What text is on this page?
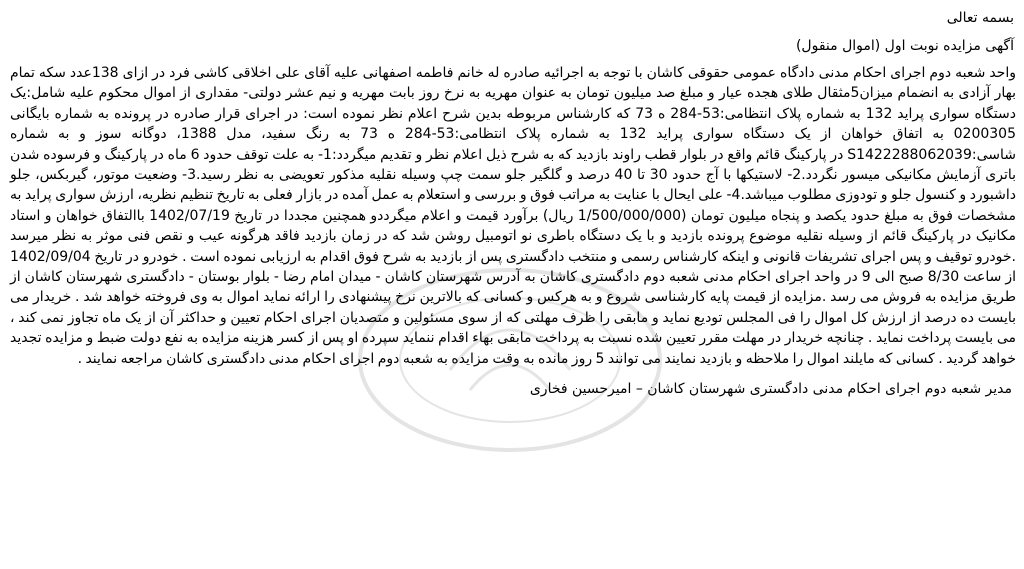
بسمه تعالی

آگهی مزایده نوبت اول (اموال منقول)

واحد شعبه دوم اجرای احکام مدنی دادگاه عمومی حقوقی کاشان با توجه به اجرائیه صادره له خانم فاطمه اصفهانی علیه آقای علی اخلاقی کاشی فرد در ازای 138عدد سکه تمام بهار آزادی به انضمام میزان5مثقال طلای هجده عیار و مبلغ صد میلیون تومان به عنوان مهریه به نرخ روز بابت مهریه و نیم عشر دولتی- مقداری از اموال محکوم علیه شامل:یک دستگاه سواری پراید 132 به شماره پلاک انتظامی:53-284 ه 73 که کارشناس مربوطه بدین شرح اعلام نظر نموده است: در اجرای قرار صادره در پرونده به شماره بایگانی 0200305 به اتفاق خواهان از یک دستگاه سواری پراید 132 به شماره پلاک انتظامی:53-284 ه 73 به رنگ سفید، مدل 1388، دوگانه سوز و به شماره شاسی:S1422288062039 در پارکینگ قائم واقع در بلوار قطب راوند بازدید که به شرح ذیل اعلام نظر و تقدیم میگردد:1- به علت توقف حدود 6 ماه در پارکینگ و فرسوده شدن باتری آزمایش مکانیکی میسور نگردد.2- لاستیکها با آج حدود 30 تا 40 درصد و گلگیر جلو سمت چپ وسیله نقلیه مذکور تعویضی به نظر رسید.3- وضعیت موتور، گیربکس، جلو داشبورد و کنسول جلو و تودوزی مطلوب میباشد.4- علی ایحال با عنایت به مراتب فوق و بررسی و استعلام به عمل آمده در بازار فعلی به تاریخ تنظیم نظریه، ارزش سواری پراید به مشخصات فوق به مبلغ حدود یکصد و پنجاه میلیون تومان (1/500/000/000 ریال) برآورد قیمت و اعلام میگرددو همچنین مجددا در تاریخ 1402/07/19 باالتفاق خواهان و استاد مکانیک در پارکینگ قائم از وسیله نقلیه موضوع پرونده بازدید و با یک دستگاه باطری نو اتومبیل روشن شد که در زمان بازدید فاقد هرگونه عیب و نقص فنی موثر به نظر میرسد .خودرو توقیف و پس اجرای تشریفات قانونی و اینکه کارشناس رسمی و منتخب دادگستری پس از بازدید به شرح فوق اقدام به ارزیابی نموده است . خودرو در تاریخ 1402/09/04 از ساعت 8/30 صبح الی 9 در واحد اجرای احکام مدنی شعبه دوم دادگستری کاشان به آدرس شهرستان کاشان - میدان امام رضا - بلوار بوستان - دادگستری شهرستان کاشان از طریق مزایده به فروش می رسد .مزایده از قیمت پایه کارشناسی شروع و به هرکس و کسانی که بالاترین نرخ پیشنهادی را ارائه نماید اموال به وی فروخته خواهد شد . خریدار می بایست ده درصد از ارزش کل اموال را فی المجلس تودیع نماید و مابقی را ظرف مهلتی که از سوی مسئولین و متصدیان اجرای احکام تعیین و حداکثر آن از یک ماه تجاوز نمی کند ، می بایست پرداخت نماید . چنانچه خریدار در مهلت مقرر تعیین شده نسبت به پرداخت مابقی بهاء اقدام ننماید سپرده او پس از کسر هزینه مزایده به نفع دولت ضبط و مزایده تجدید خواهد گردید . کسانی که مایلند اموال را ملاحظه و بازدید نمایند می توانند 5 روز مانده به وقت مزایده به شعبه دوم اجرای احکام مدنی دادگستری کاشان مراجعه نمایند .

مدیر شعبه دوم اجرای احکام مدنی دادگستری شهرستان کاشان – امیرحسین فخاری
